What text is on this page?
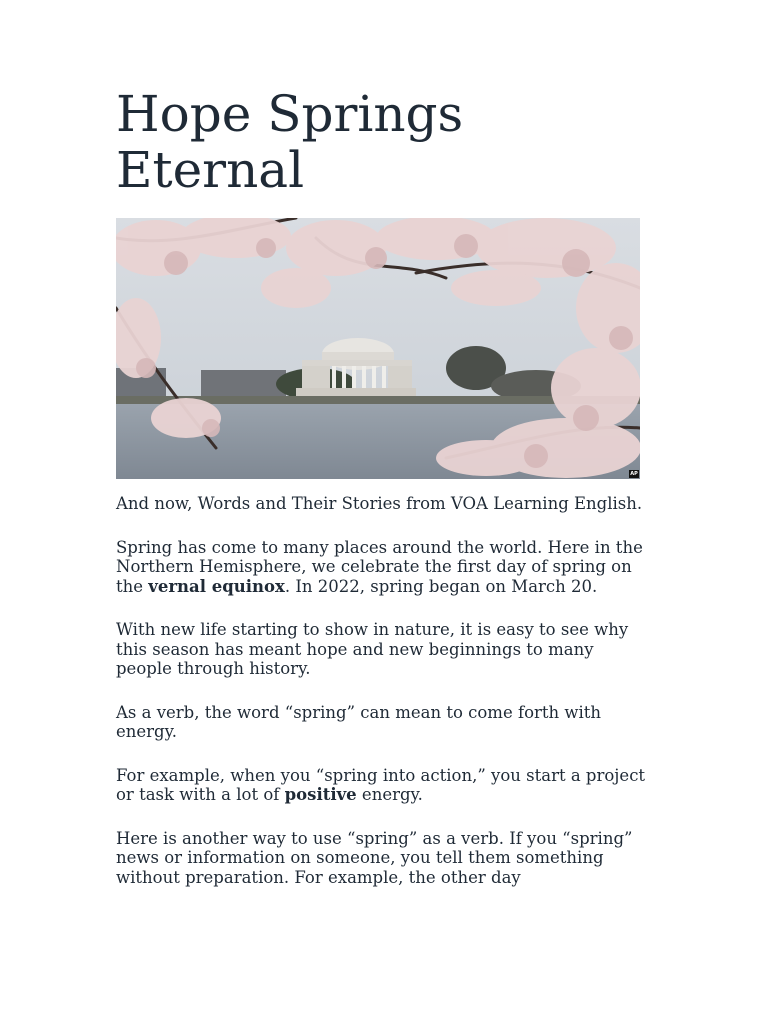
Hope Springs Eternal
AP

And now, Words and Their Stories from VOA Learning English.

Spring has come to many places around the world. Here in the Northern Hemisphere, we celebrate the first day of spring on the vernal equinox. In 2022, spring began on March 20.

With new life starting to show in nature, it is easy to see why this season has meant hope and new beginnings to many people through history.

As a verb, the word “spring” can mean to come forth with energy.

For example, when you “spring into action,” you start a project or task with a lot of positive energy.

Here is another way to use “spring” as a verb. If you “spring” news or information on someone, you tell them something without preparation. For example, the other day
